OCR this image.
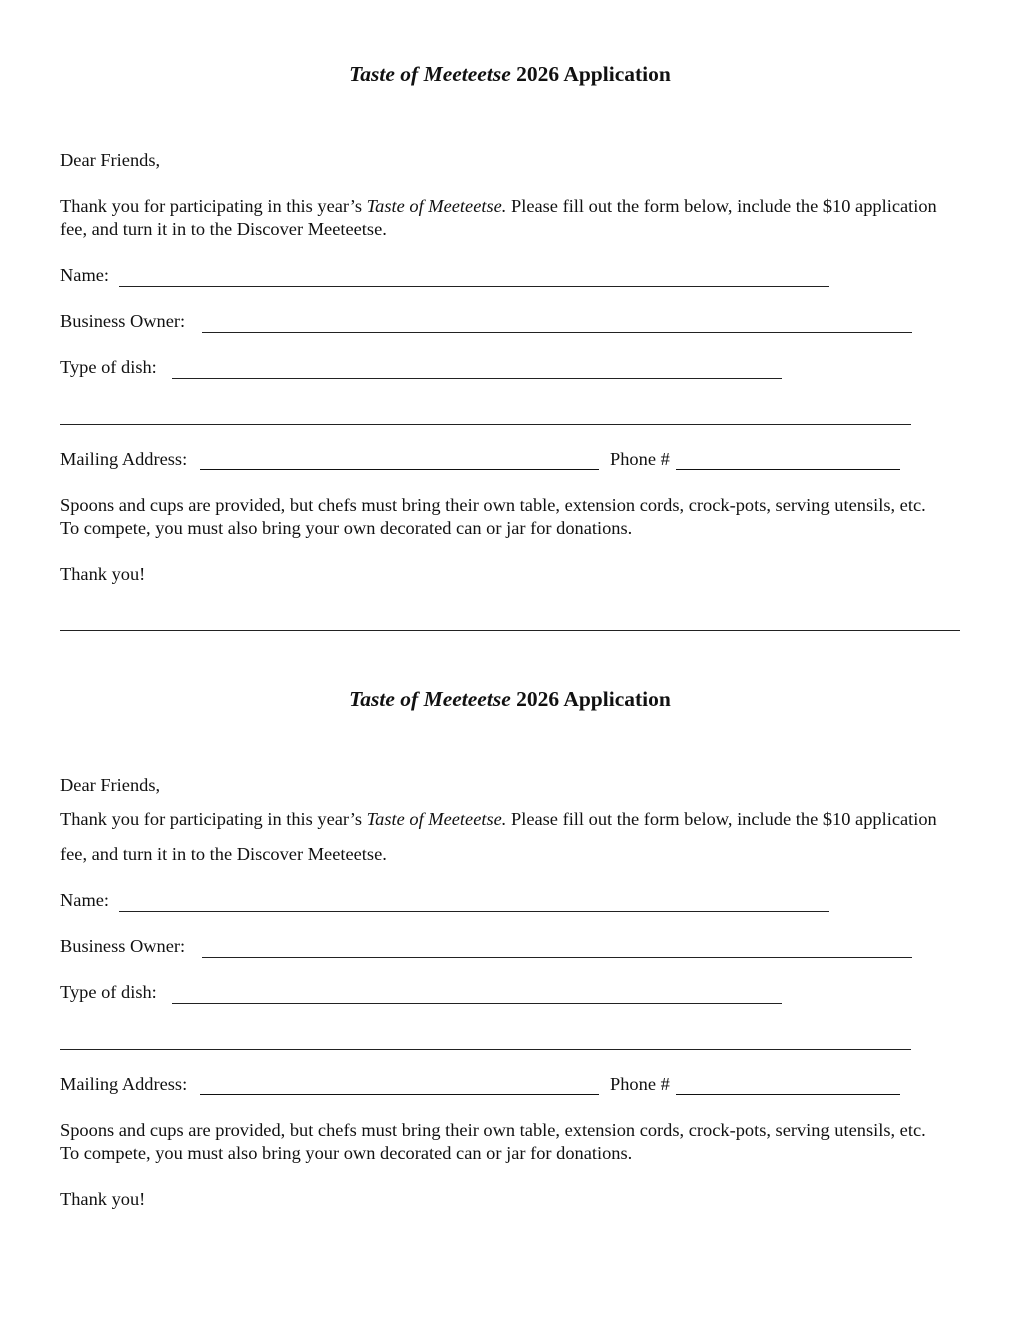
Taste of Meeteetse 2026 Application
Dear Friends,
Thank you for participating in this year’s Taste of Meeteetse. Please fill out the form below, include the $10 application fee, and turn it in to the Discover Meeteetse.
Name:
Business Owner:
Type of dish:
Mailing Address:	Phone #
Spoons and cups are provided, but chefs must bring their own table, extension cords, crock-pots, serving utensils, etc. To compete, you must also bring your own decorated can or jar for donations.
Thank you!
Taste of Meeteetse 2026 Application
Dear Friends,
Thank you for participating in this year’s Taste of Meeteetse. Please fill out the form below, include the $10 application fee, and turn it in to the Discover Meeteetse.
Name:
Business Owner:
Type of dish:
Mailing Address:	Phone #
Spoons and cups are provided, but chefs must bring their own table, extension cords, crock-pots, serving utensils, etc. To compete, you must also bring your own decorated can or jar for donations.
Thank you!
